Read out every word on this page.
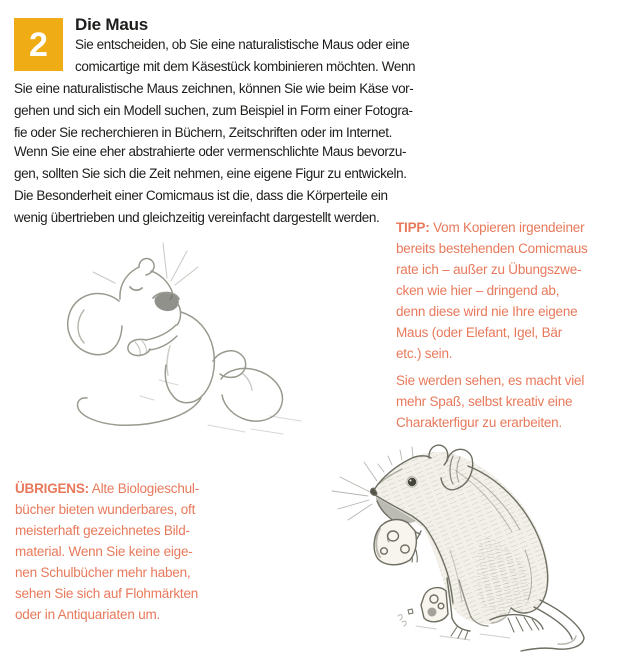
2
Die Maus
Sie entscheiden, ob Sie eine naturalistische Maus oder eine
comicartige mit dem Käsestück kombinieren möchten. Wenn
Sie eine naturalistische Maus zeichnen, können Sie wie beim Käse vor-
gehen und sich ein Modell suchen, zum Beispiel in Form einer Fotogra-
fie oder Sie recherchieren in Büchern, Zeitschriften oder im Internet.
Wenn Sie eine eher abstrahierte oder vermenschlichte Maus bevorzu-
gen, sollten Sie sich die Zeit nehmen, eine eigene Figur zu entwickeln.
Die Besonderheit einer Comicmaus ist die, dass die Körperteile ein
wenig übertrieben und gleichzeitig vereinfacht dargestellt werden.
TIPP: Vom Kopieren irgendeiner
bereits bestehenden Comicmaus
rate ich – außer zu Übungszwe-
cken wie hier – dringend ab,
denn diese wird nie Ihre eigene
Maus (oder Elefant, Igel, Bär
etc.) sein.
Sie werden sehen, es macht viel
mehr Spaß, selbst kreativ eine
Charakterfigur zu erarbeiten.
ÜBRIGENS: Alte Biologieschul-
bücher bieten wunderbares, oft
meisterhaft gezeichnetes Bild-
material. Wenn Sie keine eige-
nen Schulbücher mehr haben,
sehen Sie sich auf Flohmärkten
oder in Antiquariaten um.
